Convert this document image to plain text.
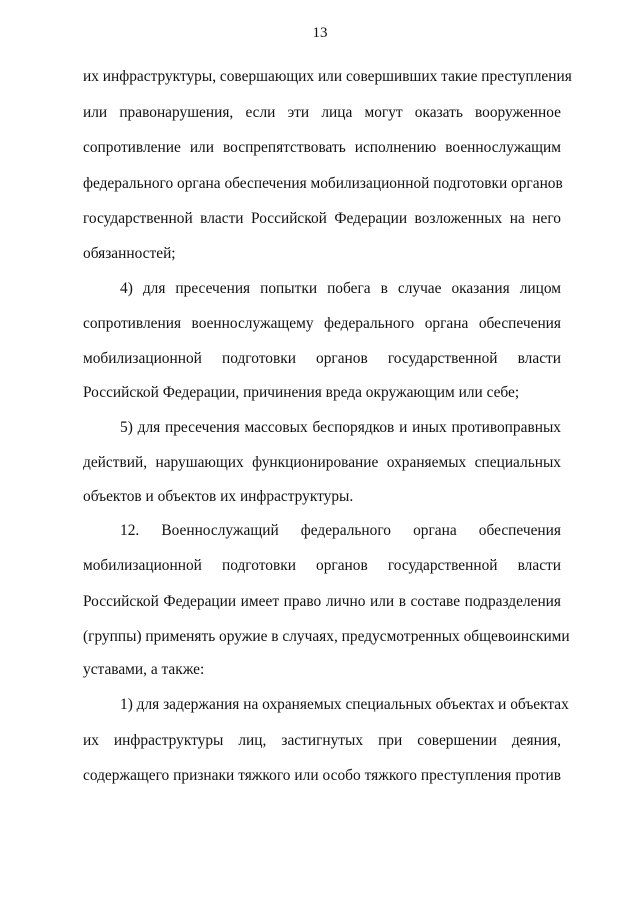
13
их инфраструктуры, совершающих или совершивших такие преступления
или правонарушения, если эти лица могут оказать вооруженное
сопротивление или воспрепятствовать исполнению военнослужащим
федерального органа обеспечения мобилизационной подготовки органов
государственной власти Российской Федерации возложенных на него
обязанностей;
4) для пресечения попытки побега в случае оказания лицом
сопротивления военнослужащему федерального органа обеспечения
мобилизационной подготовки органов государственной власти
Российской Федерации, причинения вреда окружающим или себе;
5) для пресечения массовых беспорядков и иных противоправных
действий, нарушающих функционирование охраняемых специальных
объектов и объектов их инфраструктуры.
12. Военнослужащий федерального органа обеспечения
мобилизационной подготовки органов государственной власти
Российской Федерации имеет право лично или в составе подразделения
(группы) применять оружие в случаях, предусмотренных общевоинскими
уставами, а также:
1) для задержания на охраняемых специальных объектах и объектах
их инфраструктуры лиц, застигнутых при совершении деяния,
содержащего признаки тяжкого или особо тяжкого преступления против
